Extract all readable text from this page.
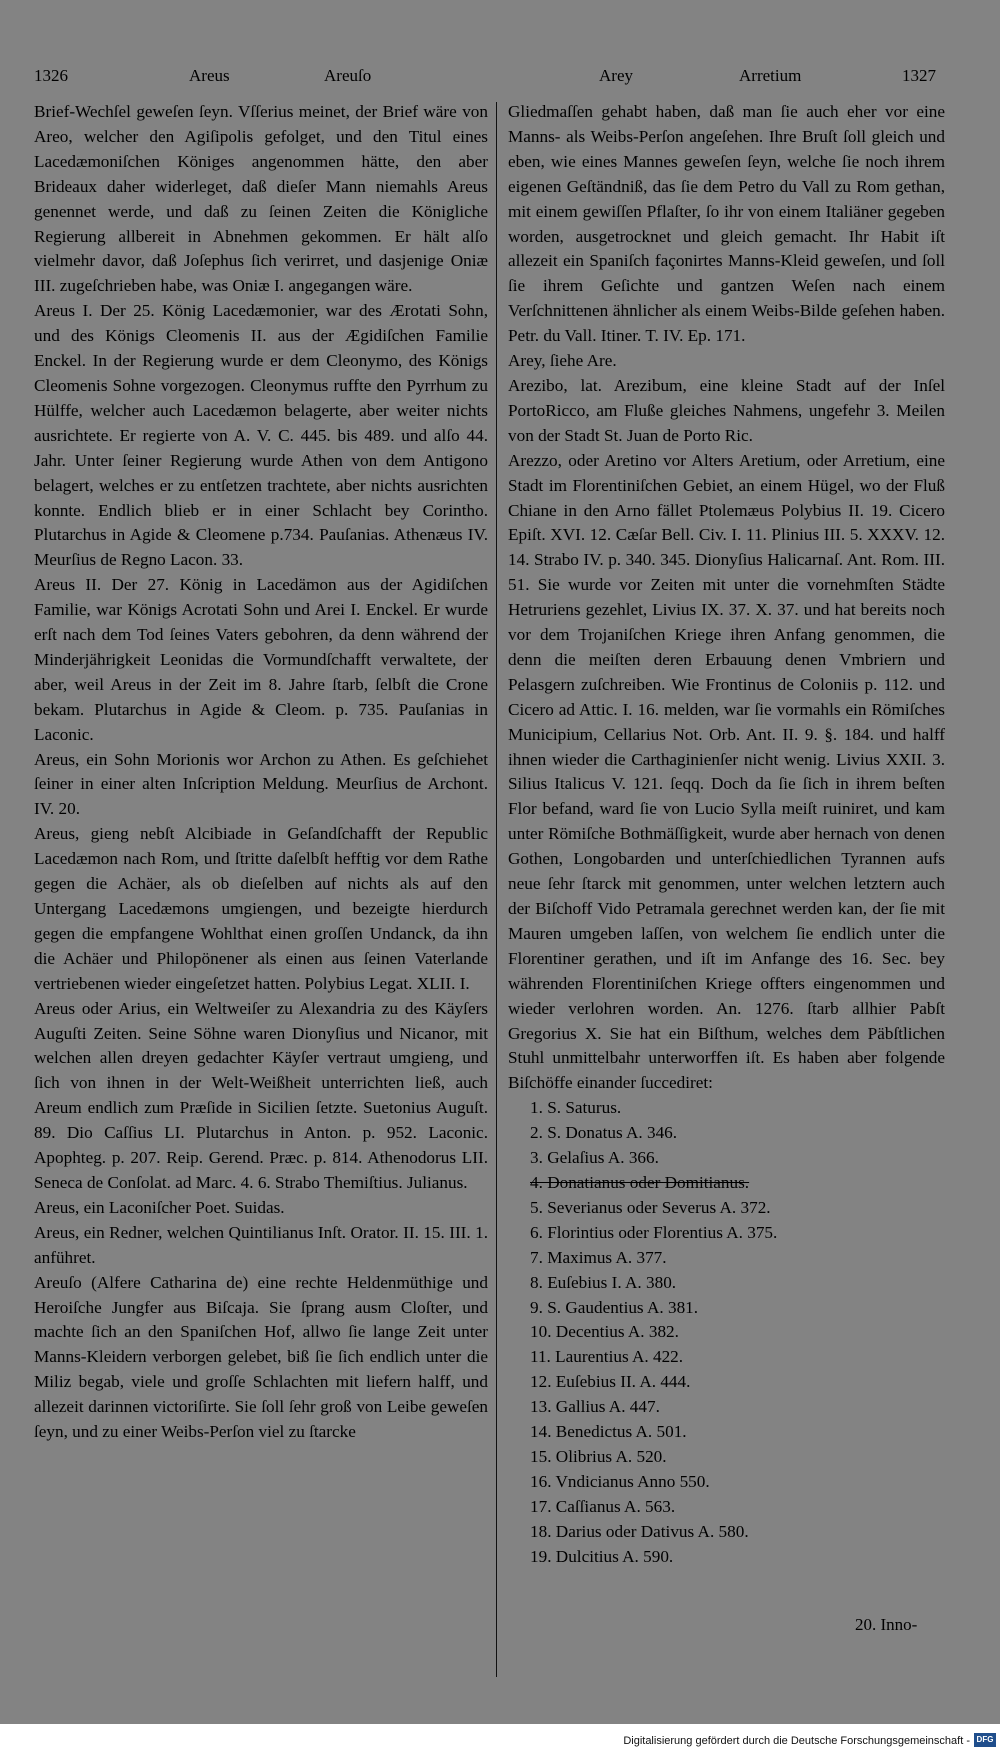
1326	Areus	Areuſo	Arey	Arretium	1327

Brief-Wechſel geweſen ſeyn. Vſſerius meinet, der Brief wäre von Areo, welcher den Agiſipolis gefolget, und den Titul eines Lacedæmoniſchen Königes angenommen hätte, den aber Brideaux daher widerleget, daß dieſer Mann niemahls Areus genennet werde, und daß zu ſeinen Zeiten die Königliche Regierung allbereit in Abnehmen gekommen. Er hält alſo vielmehr davor, daß Joſephus ſich verirret, und dasjenige Oniæ III. zugeſchrieben habe, was Oniæ I. angegangen wäre.

Areus I. Der 25. König Lacedæmonier, war des Ærotati Sohn, und des Königs Cleomenis II. aus der Ægidiſchen Familie Enckel. In der Regierung wurde er dem Cleonymo, des Königs Cleomenis Sohne vorgezogen. Cleonymus ruffte den Pyrrhum zu Hülffe, welcher auch Lacedæmon belagerte, aber weiter nichts ausrichtete. Er regierte von A. V. C. 445. bis 489. und alſo 44. Jahr. Unter ſeiner Regierung wurde Athen von dem Antigono belagert, welches er zu entſetzen trachtete, aber nichts ausrichten konnte. Endlich blieb er in einer Schlacht bey Corintho. Plutarchus in Agide & Cleomene p.734. Pauſanias. Athenæus IV. Meurſius de Regno Lacon. 33.

Areus II. Der 27. König in Lacedämon aus der Agidiſchen Familie, war Königs Acrotati Sohn und Arei I. Enckel. Er wurde erſt nach dem Tod ſeines Vaters gebohren, da denn während der Minderjährigkeit Leonidas die Vormundſchafft verwaltete, der aber, weil Areus in der Zeit im 8. Jahre ſtarb, ſelbſt die Crone bekam. Plutarchus in Agide & Cleom. p. 735. Pauſanias in Laconic.

Areus, ein Sohn Morionis wor Archon zu Athen. Es geſchiehet ſeiner in einer alten Inſcription Meldung. Meurſius de Archont. IV. 20.

Areus, gieng nebſt Alcibiade in Geſandſchafft der Republic Lacedæmon nach Rom, und ſtritte daſelbſt hefftig vor dem Rathe gegen die Achäer, als ob dieſelben auf nichts als auf den Untergang Lacedæmons umgiengen, und bezeigte hierdurch gegen die empfangene Wohlthat einen groſſen Undanck, da ihn die Achäer und Philopönener als einen aus ſeinen Vaterlande vertriebenen wieder eingeſetzet hatten. Polybius Legat. XLII. I.

Areus oder Arius, ein Weltweiſer zu Alexandria zu des Käyſers Auguſti Zeiten. Seine Söhne waren Dionyſius und Nicanor, mit welchen allen dreyen gedachter Käyſer vertraut umgieng, und ſich von ihnen in der Welt-Weißheit unterrichten ließ, auch Areum endlich zum Præſide in Sicilien ſetzte. Suetonius Auguſt. 89. Dio Caſſius LI. Plutarchus in Anton. p. 952. Laconic. Apophteg. p. 207. Reip. Gerend. Præc. p. 814. Athenodorus LII. Seneca de Conſolat. ad Marc. 4. 6. Strabo Themiſtius. Julianus.

Areus, ein Laconiſcher Poet. Suidas.

Areus, ein Redner, welchen Quintilianus Inſt. Orator. II. 15. III. 1. anführet.

Areuſo (Alfere Catharina de) eine rechte Heldenmüthige und Heroiſche Jungfer aus Biſcaja. Sie ſprang ausm Cloſter, und machte ſich an den Spaniſchen Hof, allwo ſie lange Zeit unter Manns-Kleidern verborgen gelebet, biß ſie ſich endlich unter die Miliz begab, viele und groſſe Schlachten mit liefern halff, und allezeit darinnen victoriſirte. Sie ſoll ſehr groß von Leibe geweſen ſeyn, und zu einer Weibs-Perſon viel zu ſtarcke

Gliedmaſſen gehabt haben, daß man ſie auch eher vor eine Manns- als Weibs-Perſon angeſehen. Ihre Bruſt ſoll gleich und eben, wie eines Mannes geweſen ſeyn, welche ſie noch ihrem eigenen Geſtändniß, das ſie dem Petro du Vall zu Rom gethan, mit einem gewiſſen Pflaſter, ſo ihr von einem Italiäner gegeben worden, ausgetrocknet und gleich gemacht. Ihr Habit iſt allezeit ein Spaniſch façonirtes Manns-Kleid geweſen, und ſoll ſie ihrem Geſichte und gantzen Weſen nach einem Verſchnittenen ähnlicher als einem Weibs-Bilde geſehen haben. Petr. du Vall. Itiner. T. IV. Ep. 171.

Arey, ſiehe Are.

Arezibo, lat. Arezibum, eine kleine Stadt auf der Inſel PortoRicco, am Fluße gleiches Nahmens, ungefehr 3. Meilen von der Stadt St. Juan de Porto Ric.

Arezzo, oder Aretino vor Alters Aretium, oder Arretium, eine Stadt im Florentiniſchen Gebiet, an einem Hügel, wo der Fluß Chiane in den Arno fället Ptolemæus Polybius II. 19. Cicero Epiſt. XVI. 12. Cæſar Bell. Civ. I. 11. Plinius III. 5. XXXV. 12. 14. Strabo IV. p. 340. 345. Dionyſius Halicarnaſ. Ant. Rom. III. 51. Sie wurde vor Zeiten mit unter die vornehmſten Städte Hetruriens gezehlet, Livius IX. 37. X. 37. und hat bereits noch vor dem Trojaniſchen Kriege ihren Anfang genommen, die denn die meiſten deren Erbauung denen Vmbriern und Pelasgern zuſchreiben. Wie Frontinus de Coloniis p. 112. und Cicero ad Attic. I. 16. melden, war ſie vormahls ein Römiſches Municipium, Cellarius Not. Orb. Ant. II. 9. §. 184. und halff ihnen wieder die Carthaginienſer nicht wenig. Livius XXII. 3. Silius Italicus V. 121. ſeqq. Doch da ſie ſich in ihrem beſten Flor befand, ward ſie von Lucio Sylla meiſt ruiniret, und kam unter Römiſche Bothmäſſigkeit, wurde aber hernach von denen Gothen, Longobarden und unterſchiedlichen Tyrannen aufs neue ſehr ſtarck mit genommen, unter welchen letztern auch der Biſchoff Vido Petramala gerechnet werden kan, der ſie mit Mauren umgeben laſſen, von welchem ſie endlich unter die Florentiner gerathen, und iſt im Anfange des 16. Sec. bey währenden Florentiniſchen Kriege offters eingenommen und wieder verlohren worden. An. 1276. ſtarb allhier Pabſt Gregorius X. Sie hat ein Biſthum, welches dem Päbſtlichen Stuhl unmittelbahr unterworffen iſt. Es haben aber folgende Biſchöffe einander ſuccediret:

1. S. Saturus.
2. S. Donatus A. 346.
3. Gelaſius A. 366.
4. Donatianus oder Domitianus.
5. Severianus oder Severus A. 372.
6. Florintius oder Florentius A. 375.
7. Maximus A. 377.
8. Euſebius I. A. 380.
9. S. Gaudentius A. 381.
10. Decentius A. 382.
11. Laurentius A. 422.
12. Euſebius II. A. 444.
13. Gallius A. 447.
14. Benedictus A. 501.
15. Olibrius A. 520.
16. Vndicianus Anno 550.
17. Caſſianus A. 563.
18. Darius oder Dativus A. 580.
19. Dulcitius A. 590.
20. Inno-
Digitalisierung gefördert durch die Deutsche Forschungsgemeinschaft - DFG
